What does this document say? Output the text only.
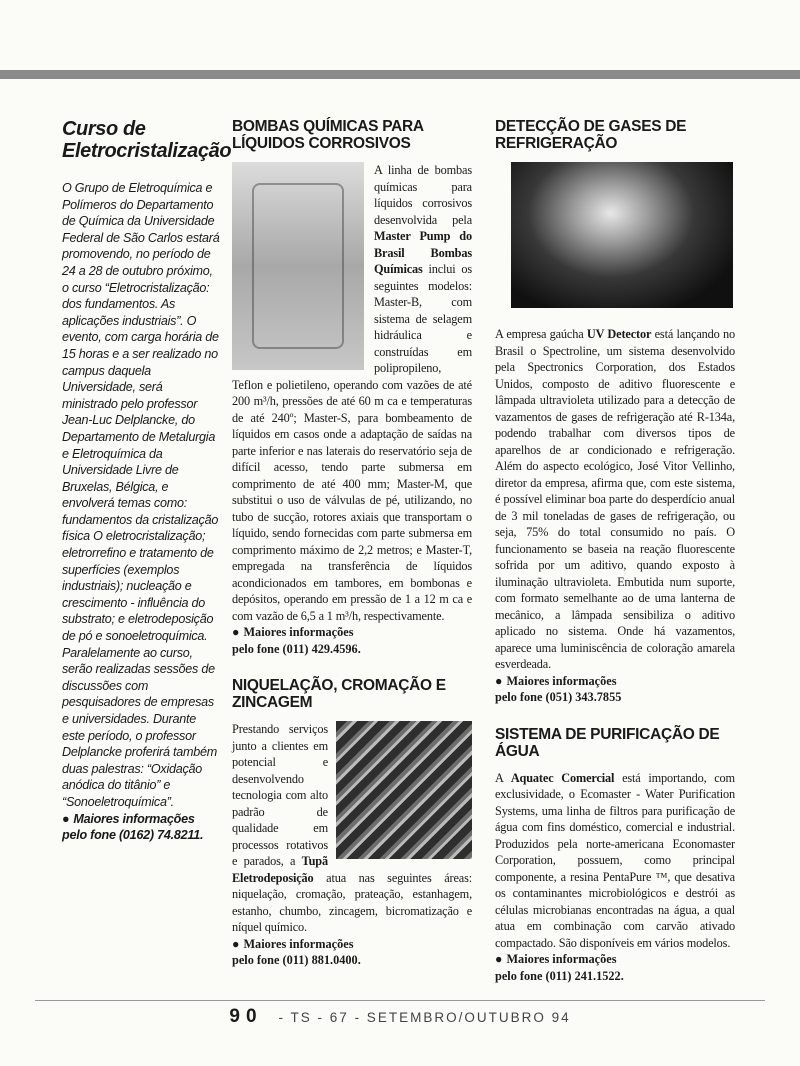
Curso de Eletrocristalização

O Grupo de Eletroquímica e Polímeros do Departamento de Química da Universidade Federal de São Carlos estará promovendo, no período de 24 a 28 de outubro próximo, o curso “Eletrocristalização: dos fundamentos. As aplicações industriais”. O evento, com carga horária de 15 horas e a ser realizado no campus daquela Universidade, será ministrado pelo professor Jean-Luc Delplancke, do Departamento de Metalurgia e Eletroquímica da Universidade Livre de Bruxelas, Bélgica, e envolverá temas como: fundamentos da cristalização física O eletrocristalização; eletrorrefino e tratamento de superfícies (exemplos industriais); nucleação e crescimento - influência do substrato; e eletrodeposição de pó e sonoeletroquímica. Paralelamente ao curso, serão realizadas sessões de discussões com pesquisadores de empresas e universidades. Durante este período, o professor Delplancke proferirá também duas palestras: “Oxidação anódica do titânio” e “Sonoeletroquímica”.

● Maiores informações
pelo fone (0162) 74.8211.

BOMBAS QUÍMICAS PARA LÍQUIDOS CORROSIVOS

A linha de bombas químicas para líquidos corrosivos desenvolvida pela Master Pump do Brasil Bombas Químicas inclui os seguintes modelos: Master-B, com sistema de selagem hidráulica e construídas em polipropileno, Teflon e polietileno, operando com vazões de até 200 m³/h, pressões de até 60 m ca e temperaturas de até 240º; Master-S, para bombeamento de líquidos em casos onde a adaptação de saídas na parte inferior e nas laterais do reservatório seja de difícil acesso, tendo parte submersa em comprimento de até 400 mm; Master-M, que substitui o uso de válvulas de pé, utilizando, no tubo de sucção, rotores axiais que transportam o líquido, sendo fornecidas com parte submersa em comprimento máximo de 2,2 metros; e Master-T, empregada na transferência de líquidos acondicionados em tambores, em bombonas e depósitos, operando em pressão de 1 a 12 m ca e com vazão de 6,5 a 1 m³/h, respectivamente.

● Maiores informações
pelo fone (011) 429.4596.

NIQUELAÇÃO, CROMAÇÃO E ZINCAGEM

Prestando serviços junto a clientes em potencial e desenvolvendo tecnologia com alto padrão de qualidade em processos rotativos e parados, a Tupã Eletrodeposição atua nas seguintes áreas: niquelação, cromação, prateação, estanhagem, estanho, chumbo, zincagem, bicromatização e níquel químico.

● Maiores informações
pelo fone (011) 881.0400.

DETECÇÃO DE GASES DE REFRIGERAÇÃO

A empresa gaúcha UV Detector está lançando no Brasil o Spectroline, um sistema desenvolvido pela Spectronics Corporation, dos Estados Unidos, composto de aditivo fluorescente e lâmpada ultravioleta utilizado para a detecção de vazamentos de gases de refrigeração até R-134a, podendo trabalhar com diversos tipos de aparelhos de ar condicionado e refrigeração. Além do aspecto ecológico, José Vitor Vellinho, diretor da empresa, afirma que, com este sistema, é possível eliminar boa parte do desperdício anual de 3 mil toneladas de gases de refrigeração, ou seja, 75% do total consumido no país. O funcionamento se baseia na reação fluorescente sofrida por um aditivo, quando exposto à iluminação ultravioleta. Embutida num suporte, com formato semelhante ao de uma lanterna de mecânico, a lâmpada sensibiliza o aditivo aplicado no sistema. Onde há vazamentos, aparece uma luminiscência de coloração amarela esverdeada.

● Maiores informações
pelo fone (051) 343.7855

SISTEMA DE PURIFICAÇÃO DE ÁGUA

A Aquatec Comercial está importando, com exclusividade, o Ecomaster - Water Purification Systems, uma linha de filtros para purificação de água com fins doméstico, comercial e industrial. Produzidos pela norte-americana Economaster Corporation, possuem, como principal componente, a resina PentaPure ™, que desativa os contaminantes microbiológicos e destrói as células microbianas encontradas na água, a qual atua em combinação com carvão ativado compactado. São disponíveis em vários modelos.

● Maiores informações
pelo fone (011) 241.1522.

90 - TS - 67 - SETEMBRO/OUTUBRO 94
